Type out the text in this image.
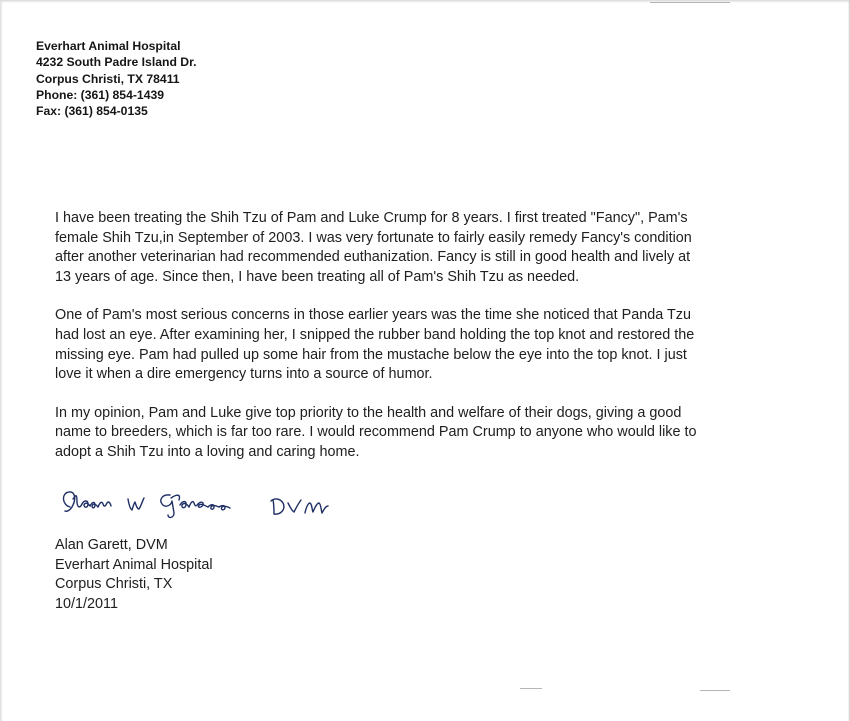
Everhart Animal Hospital
4232 South Padre Island Dr.
Corpus Christi, TX 78411
Phone: (361) 854-1439
Fax: (361) 854-0135

I have been treating the Shih Tzu of Pam and Luke Crump for 8 years. I first treated "Fancy", Pam's
female Shih Tzu,in September of 2003. I was very fortunate to fairly easily remedy Fancy's condition
after another veterinarian had recommended euthanization. Fancy is still in good health and lively at
13 years of age. Since then, I have been treating all of Pam's Shih Tzu as needed.

One of Pam's most serious concerns in those earlier years was the time she noticed that Panda Tzu
had lost an eye. After examining her, I snipped the rubber band holding the top knot and restored the
missing eye. Pam had pulled up some hair from the mustache below the eye into the top knot. I just
love it when a dire emergency turns into a source of humor.

In my opinion, Pam and Luke give top priority to the health and welfare of their dogs, giving a good
name to breeders, which is far too rare. I would recommend Pam Crump to anyone who would like to
adopt a Shih Tzu into a loving and caring home.

Alan Garett, DVM
Everhart Animal Hospital
Corpus Christi, TX
10/1/2011
